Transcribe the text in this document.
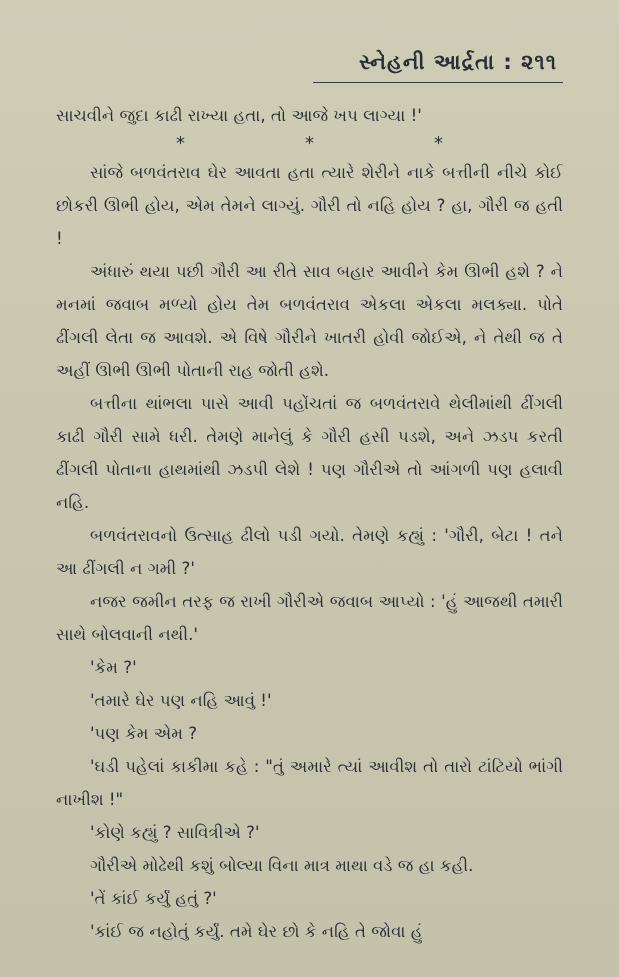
સ્નેહની આર્દ્રતા : ૨૧૧

સાચવીને જુદા કાઢી રાખ્યા હતા, તો આજે ખપ લાગ્યા !'

*	*	*

સાંજે બળવંતરાવ ઘેર આવતા હતા ત્યારે શેરીને નાકે બત્તીની નીચે કોઈ છોકરી ઊભી હોય, એમ તેમને લાગ્યું. ગૌરી તો નહિ હોય ? હા, ગૌરી જ હતી !

અંધારું થયા પછી ગૌરી આ રીતે સાવ બહાર આવીને કેમ ઊભી હશે ? ને મનમાં જવાબ મળ્યો હોય તેમ બળવંતરાવ એકલા એકલા મલક્યા. પોતે ઢીંગલી લેતા જ આવશે. એ વિષે ગૌરીને ખાતરી હોવી જોઈએ, ને તેથી જ તે અહીં ઊભી ઊભી પોતાની રાહ જોતી હશે.

બત્તીના થાંભલા પાસે આવી પહોંચતાં જ બળવંતરાવે થેલીમાંથી ઢીંગલી કાઢી ગૌરી સામે ધરી. તેમણે માનેલું કે ગૌરી હસી પડશે, અને ઝડપ કરતી ઢીંગલી પોતાના હાથમાંથી ઝડપી લેશે ! પણ ગૌરીએ તો આંગળી પણ હલાવી નહિ.

બળવંતરાવનો ઉત્સાહ ઢીલો પડી ગયો. તેમણે કહ્યું : 'ગૌરી, બેટા ! તને આ ઢીંગલી ન ગમી ?'

નજર જમીન તરફ જ રાખી ગૌરીએ જવાબ આપ્યો : 'હું આજથી તમારી સાથે બોલવાની નથી.'

'કેમ ?'

'તમારે ઘેર પણ નહિ આવું !'

'પણ કેમ એમ ?

'ઘડી પહેલાં કાકીમા કહે : "તું અમારે ત્યાં આવીશ તો તારો ટાંટિયો ભાંગી નાખીશ !"

'કોણે કહ્યું ? સાવિત્રીએ ?'

ગૌરીએ મોઢેથી કશું બોલ્યા વિના માત્ર માથા વડે જ હા કહી.

'તેં કાંઈ કર્યું હતું ?'

'કાંઈ જ નહોતું કર્યું. તમે ઘેર છો કે નહિ તે જોવા હું
